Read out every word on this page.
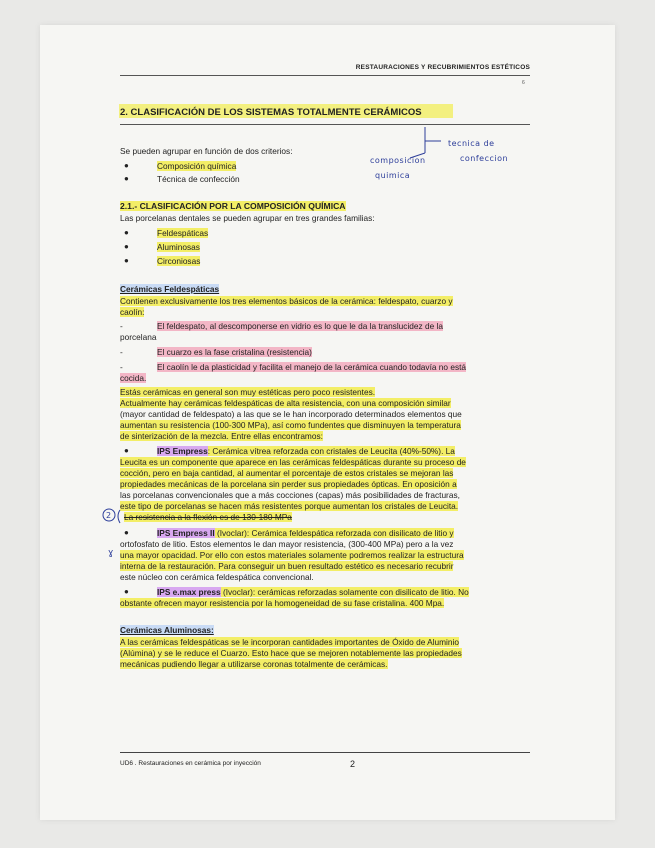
RESTAURACIONES Y RECUBRIMIENTOS ESTÉTICOS
6
2. CLASIFICACIÓN DE LOS SISTEMAS TOTALMENTE CERÁMICOS
Se pueden agrupar en función de dos criterios:
●	Composición química
●	Técnica de confección
composicion
quimica
tecnica de
confeccion
2.1.- CLASIFICACIÓN POR LA COMPOSICIÓN QUÍMICA
Las porcelanas dentales se pueden agrupar en tres grandes familias:
●	Feldespáticas
●	Aluminosas
●	Circoniosas
Cerámicas Feldespáticas
Contienen exclusivamente los tres elementos básicos de la cerámica: feldespato, cuarzo y
caolín:
-	El feldespato, al descomponerse en vidrio es lo que le da la translucidez de la
porcelana
-	El cuarzo es la fase cristalina (resistencia)
-	El caolín le da plasticidad y facilita el manejo de la cerámica cuando todavía no está
cocida.
Estás cerámicas en general son muy estéticas pero poco resistentes.
Actualmente hay cerámicas feldespáticas de alta resistencia, con una composición similar
(mayor cantidad de feldespato) a las que se le han incorporado determinados elementos que
aumentan su resistencia (100-300 MPa), así como fundentes que disminuyen la temperatura
de sinterización de la mezcla. Entre ellas encontramos:
●	IPS Empress: Cerámica vítrea reforzada con cristales de Leucita (40%-50%). La
Leucita es un componente que aparece en las cerámicas feldespáticas durante su proceso de
cocción, pero en baja cantidad, al aumentar el porcentaje de estos cristales se mejoran las
propiedades mecánicas de la porcelana sin perder sus propiedades ópticas. En oposición a
las porcelanas convencionales que a más cocciones (capas) más posibilidades de fracturas,
este tipo de porcelanas se hacen más resistentes porque aumentan los cristales de Leucita.
La resistencia a la flexión es de 130-180 MPa
2
●	IPS Empress II (Ivoclar): Cerámica feldespática reforzada con disilicato de litio y
ortofosfato de litio. Estos elementos le dan mayor resistencia, (300-400 MPa) pero a la vez
una mayor opacidad. Por ello con estos materiales solamente podremos realizar la estructura
interna de la restauración. Para conseguir un buen resultado estético es necesario recubrir
este núcleo con cerámica feldespática convencional.
ɣ
●	IPS e.max press (Ivoclar): cerámicas reforzadas solamente con disilicato de litio. No
obstante ofrecen mayor resistencia por la homogeneidad de su fase cristalina. 400 Mpa.
Cerámicas Aluminosas:
A las cerámicas feldespáticas se le incorporan cantidades importantes de Óxido de Aluminio
(Alúmina) y se le reduce el Cuarzo. Esto hace que se mejoren notablemente las propiedades
mecánicas pudiendo llegar a utilizarse coronas totalmente de cerámicas.
UD6 . Restauraciones en cerámica por inyección	2
